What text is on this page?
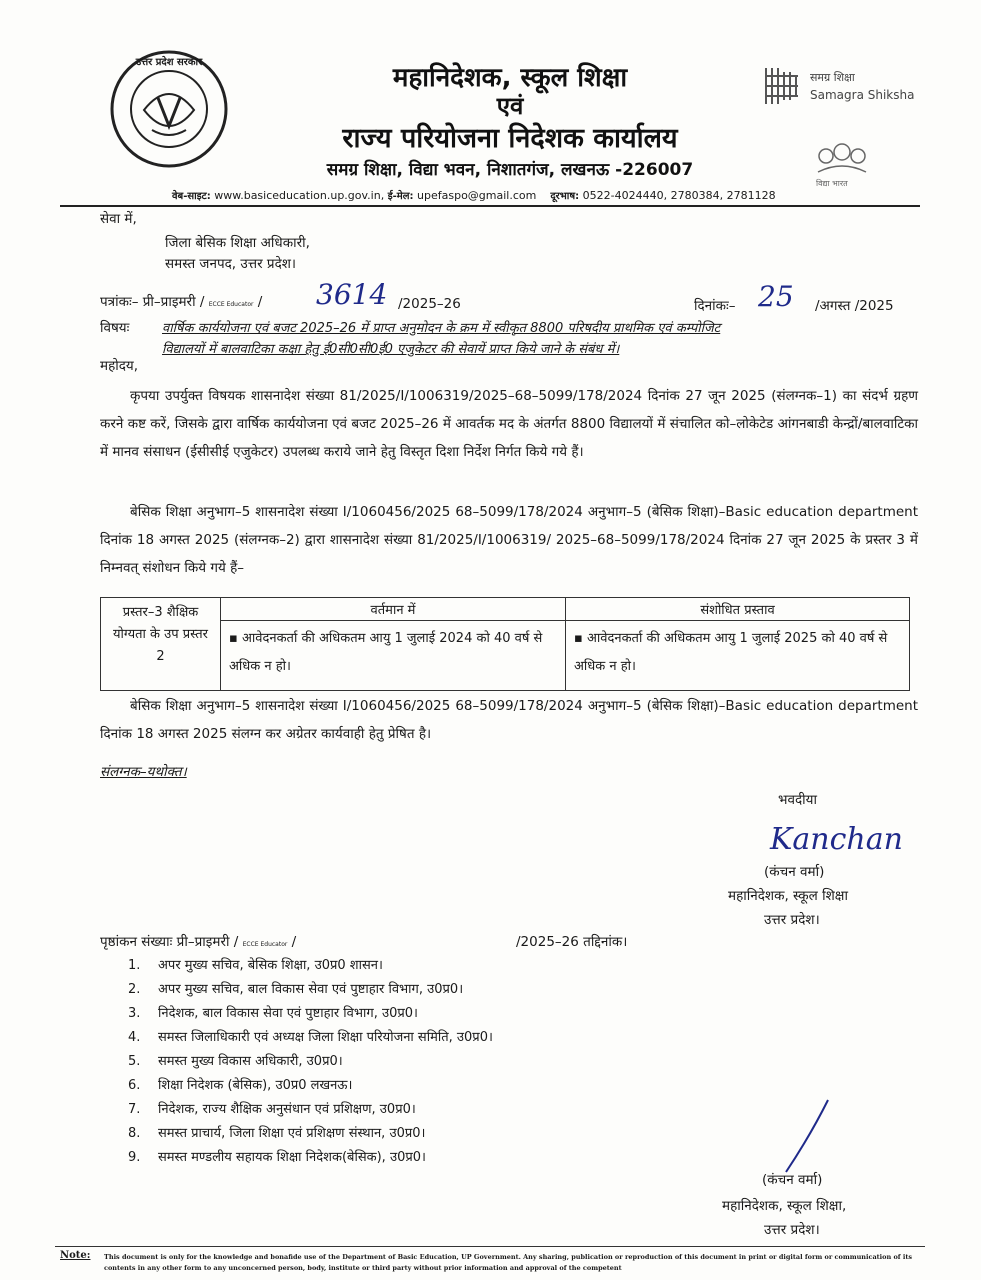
उत्तर प्रदेश सरकार
महानिदेशक, स्कूल शिक्षा
एवं
राज्य परियोजना निदेशक कार्यालय
समग्र शिक्षा, विद्या भवन, निशातगंज, लखनऊ -226007
समग्र शिक्षा
Samagra Shiksha
विद्या भारत
वेब-साइट: www.basiceducation.up.gov.in, ई-मेल: upefaspo@gmail.com दूरभाष: 0522-4024440, 2780384, 2781128
सेवा में,
जिला बेसिक शिक्षा अधिकारी,
समस्त जनपद, उत्तर प्रदेश।
पत्रांकः– प्री–प्राइमरी / ECCE Educator /	3614 /2025–26	दिनांकः– 25 /अगस्त /2025
विषयः	वार्षिक कार्ययोजना एवं बजट 2025–26 में प्राप्त अनुमोदन के क्रम में स्वीकृत 8800 परिषदीय प्राथमिक एवं कम्पोजिट
विद्यालयों में बालवाटिका कक्षा हेतु ई0सी0सी0ई0 एजुकेटर की सेवायें प्राप्त किये जाने के संबंध में।
महोदय,
कृपया उपर्युक्त विषयक शासनादेश संख्या 81/2025/I/1006319/2025–68–5099/178/2024 दिनांक 27 जून 2025 (संलग्नक–1) का संदर्भ ग्रहण करने कष्ट करें, जिसके द्वारा वार्षिक कार्ययोजना एवं बजट 2025–26 में आवर्तक मद के अंतर्गत 8800 विद्यालयों में संचालित को–लोकेटेड आंगनबाडी केन्द्रों/बालवाटिका में मानव संसाधन (ईसीसीई एजुकेटर) उपलब्ध कराये जाने हेतु विस्तृत दिशा निर्देश निर्गत किये गये हैं।
बेसिक शिक्षा अनुभाग–5 शासनादेश संख्या I/1060456/2025 68–5099/178/2024 अनुभाग–5 (बेसिक शिक्षा)–Basic education department दिनांक 18 अगस्त 2025 (संलग्नक–2) द्वारा शासनादेश संख्या 81/2025/I/1006319/ 2025–68–5099/178/2024 दिनांक 27 जून 2025 के प्रस्तर 3 में निम्नवत् संशोधन किये गये हैं–
प्रस्तर–3 शैक्षिक योग्यता के उप प्रस्तर 2	वर्तमान में	संशोधित प्रस्ताव
	▪ आवेदनकर्ता की अधिकतम आयु 1 जुलाई 2024 को 40 वर्ष से अधिक न हो।	▪ आवेदनकर्ता की अधिकतम आयु 1 जुलाई 2025 को 40 वर्ष से अधिक न हो।
बेसिक शिक्षा अनुभाग–5 शासनादेश संख्या I/1060456/2025 68–5099/178/2024 अनुभाग–5 (बेसिक शिक्षा)–Basic education department दिनांक 18 अगस्त 2025 संलग्न कर अग्रेतर कार्यवाही हेतु प्रेषित है।
संलग्नक–यथोक्त।
भवदीया
Kanchan
(कंचन वर्मा)
महानिदेशक, स्कूल शिक्षा
उत्तर प्रदेश।
पृष्ठांकन संख्याः प्री–प्राइमरी / ECCE Educator /	/2025–26 तद्दिनांक।
1. अपर मुख्य सचिव, बेसिक शिक्षा, उ0प्र0 शासन।
2. अपर मुख्य सचिव, बाल विकास सेवा एवं पुष्टाहार विभाग, उ0प्र0।
3. निदेशक, बाल विकास सेवा एवं पुष्टाहार विभाग, उ0प्र0।
4. समस्त जिलाधिकारी एवं अध्यक्ष जिला शिक्षा परियोजना समिति, उ0प्र0।
5. समस्त मुख्य विकास अधिकारी, उ0प्र0।
6. शिक्षा निदेशक (बेसिक), उ0प्र0 लखनऊ।
7. निदेशक, राज्य शैक्षिक अनुसंधान एवं प्रशिक्षण, उ0प्र0।
8. समस्त प्राचार्य, जिला शिक्षा एवं प्रशिक्षण संस्थान, उ0प्र0।
9. समस्त मण्डलीय सहायक शिक्षा निदेशक(बेसिक), उ0प्र0।
(कंचन वर्मा)
महानिदेशक, स्कूल शिक्षा,
उत्तर प्रदेश।
Note: This document is only for the knowledge and bonafide use of the Department of Basic Education, UP Government. Any sharing, publication or reproduction of this document in print or digital form or communication of its contents in any other form to any unconcerned person, body, institute or third party without prior information and approval of the competent
